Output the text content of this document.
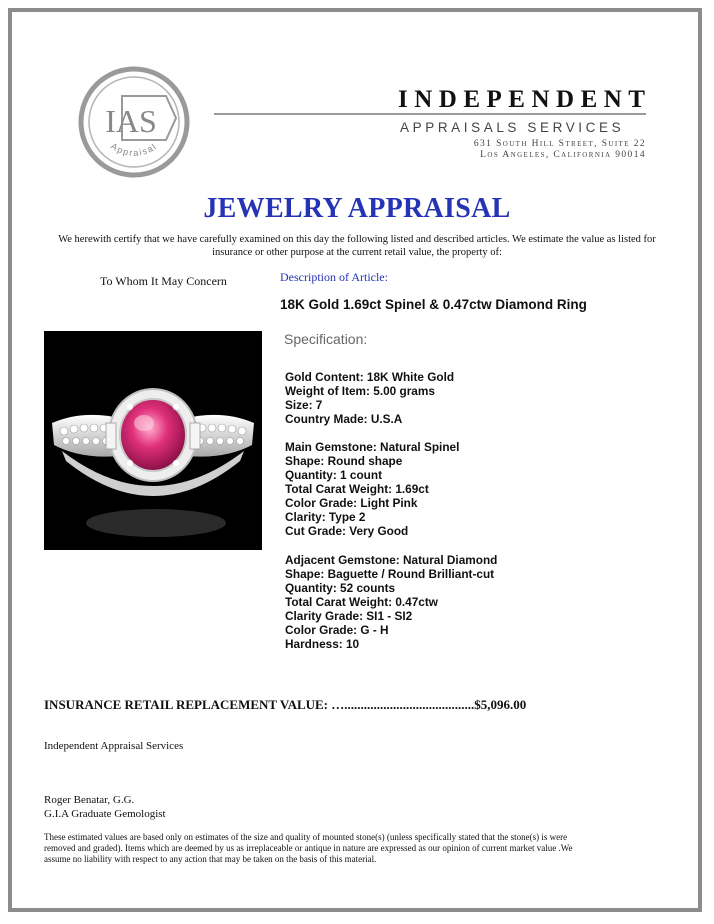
IAS
Appraisal
INDEPENDENT
APPRAISALS SERVICES
631 South Hill Street, Suite 22
Los Angeles, California 90014
JEWELRY APPRAISAL
We herewith certify that we have carefully examined on this day the following listed and described articles. We estimate the value as listed for insurance or other purpose at the current retail value, the property of:
To Whom It May Concern	Description of Article:
18K Gold 1.69ct Spinel & 0.47ctw Diamond Ring
Specification:
Gold Content: 18K White Gold
Weight of Item: 5.00 grams
Size: 7
Country Made: U.S.A
Main Gemstone: Natural Spinel
Shape: Round shape
Quantity: 1 count
Total Carat Weight: 1.69ct
Color Grade: Light Pink
Clarity: Type 2
Cut Grade: Very Good
Adjacent Gemstone: Natural Diamond
Shape: Baguette / Round Brilliant-cut
Quantity: 52 counts
Total Carat Weight: 0.47ctw
Clarity Grade: SI1 - SI2
Color Grade: G - H
Hardness: 10
INSURANCE RETAIL REPLACEMENT VALUE: …........................................$5,096.00
Independent Appraisal Services
Roger Benatar, G.G.
G.I.A Graduate Gemologist
These estimated values are based only on estimates of the size and quality of mounted stone(s) (unless specifically stated that the stone(s) is were removed and graded). Items which are deemed by us as irreplaceable or antique in nature are expressed as our opinion of current market value .We assume no liability with respect to any action that may be taken on the basis of this material.
